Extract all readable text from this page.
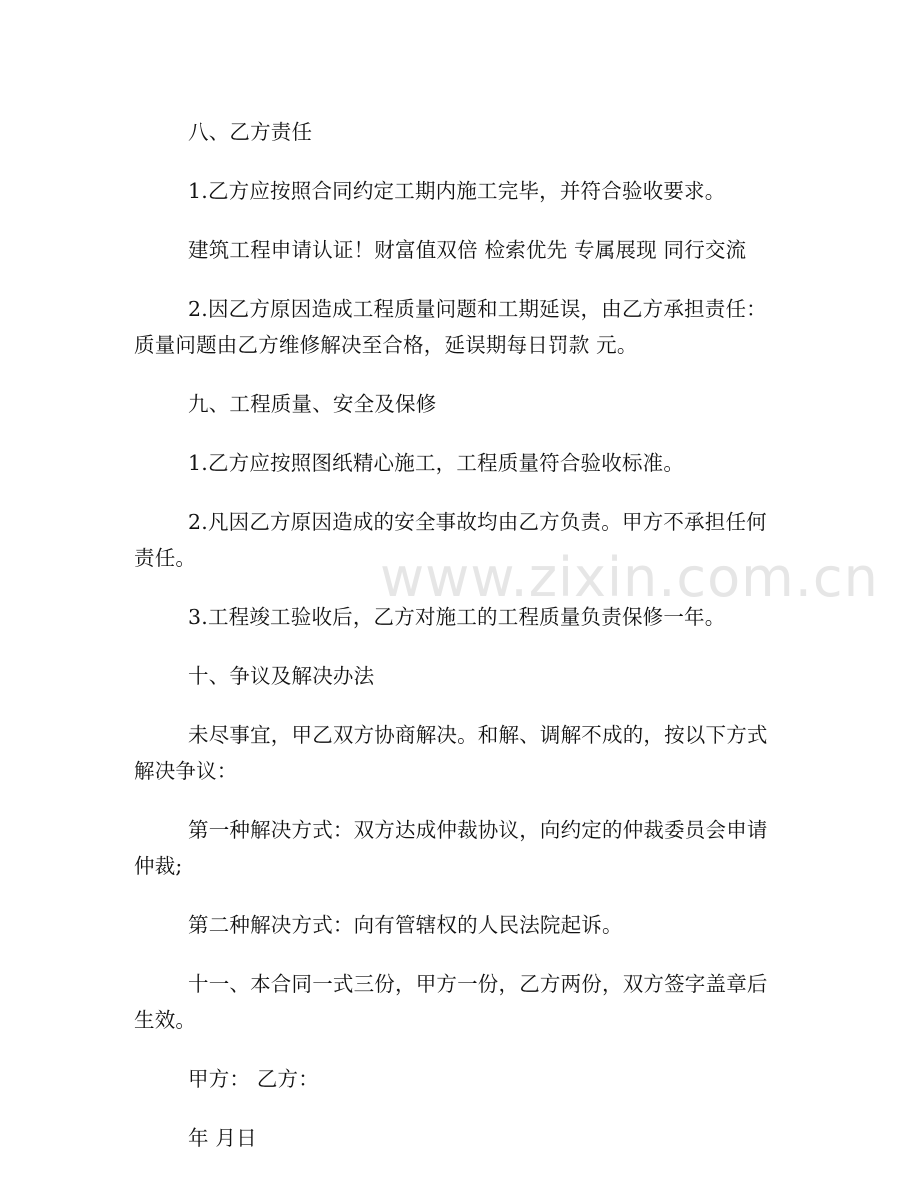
www.zixin.com.cn

八、乙方责任

1.乙方应按照合同约定工期内施工完毕，并符合验收要求。

建筑工程申请认证！财富值双倍 检索优先 专属展现 同行交流

2.因乙方原因造成工程质量问题和工期延误，由乙方承担责任：

质量问题由乙方维修解决至合格，延误期每日罚款 元。

九、工程质量、安全及保修

1.乙方应按照图纸精心施工，工程质量符合验收标准。

2.凡因乙方原因造成的安全事故均由乙方负责。甲方不承担任何

责任。

3.工程竣工验收后，乙方对施工的工程质量负责保修一年。

十、争议及解决办法

未尽事宜，甲乙双方协商解决。和解、调解不成的，按以下方式

解决争议：

第一种解决方式：双方达成仲裁协议，向约定的仲裁委员会申请

仲裁;

第二种解决方式：向有管辖权的人民法院起诉。

十一、本合同一式三份，甲方一份，乙方两份，双方签字盖章后

生效。

甲方： 乙方：

年 月日
